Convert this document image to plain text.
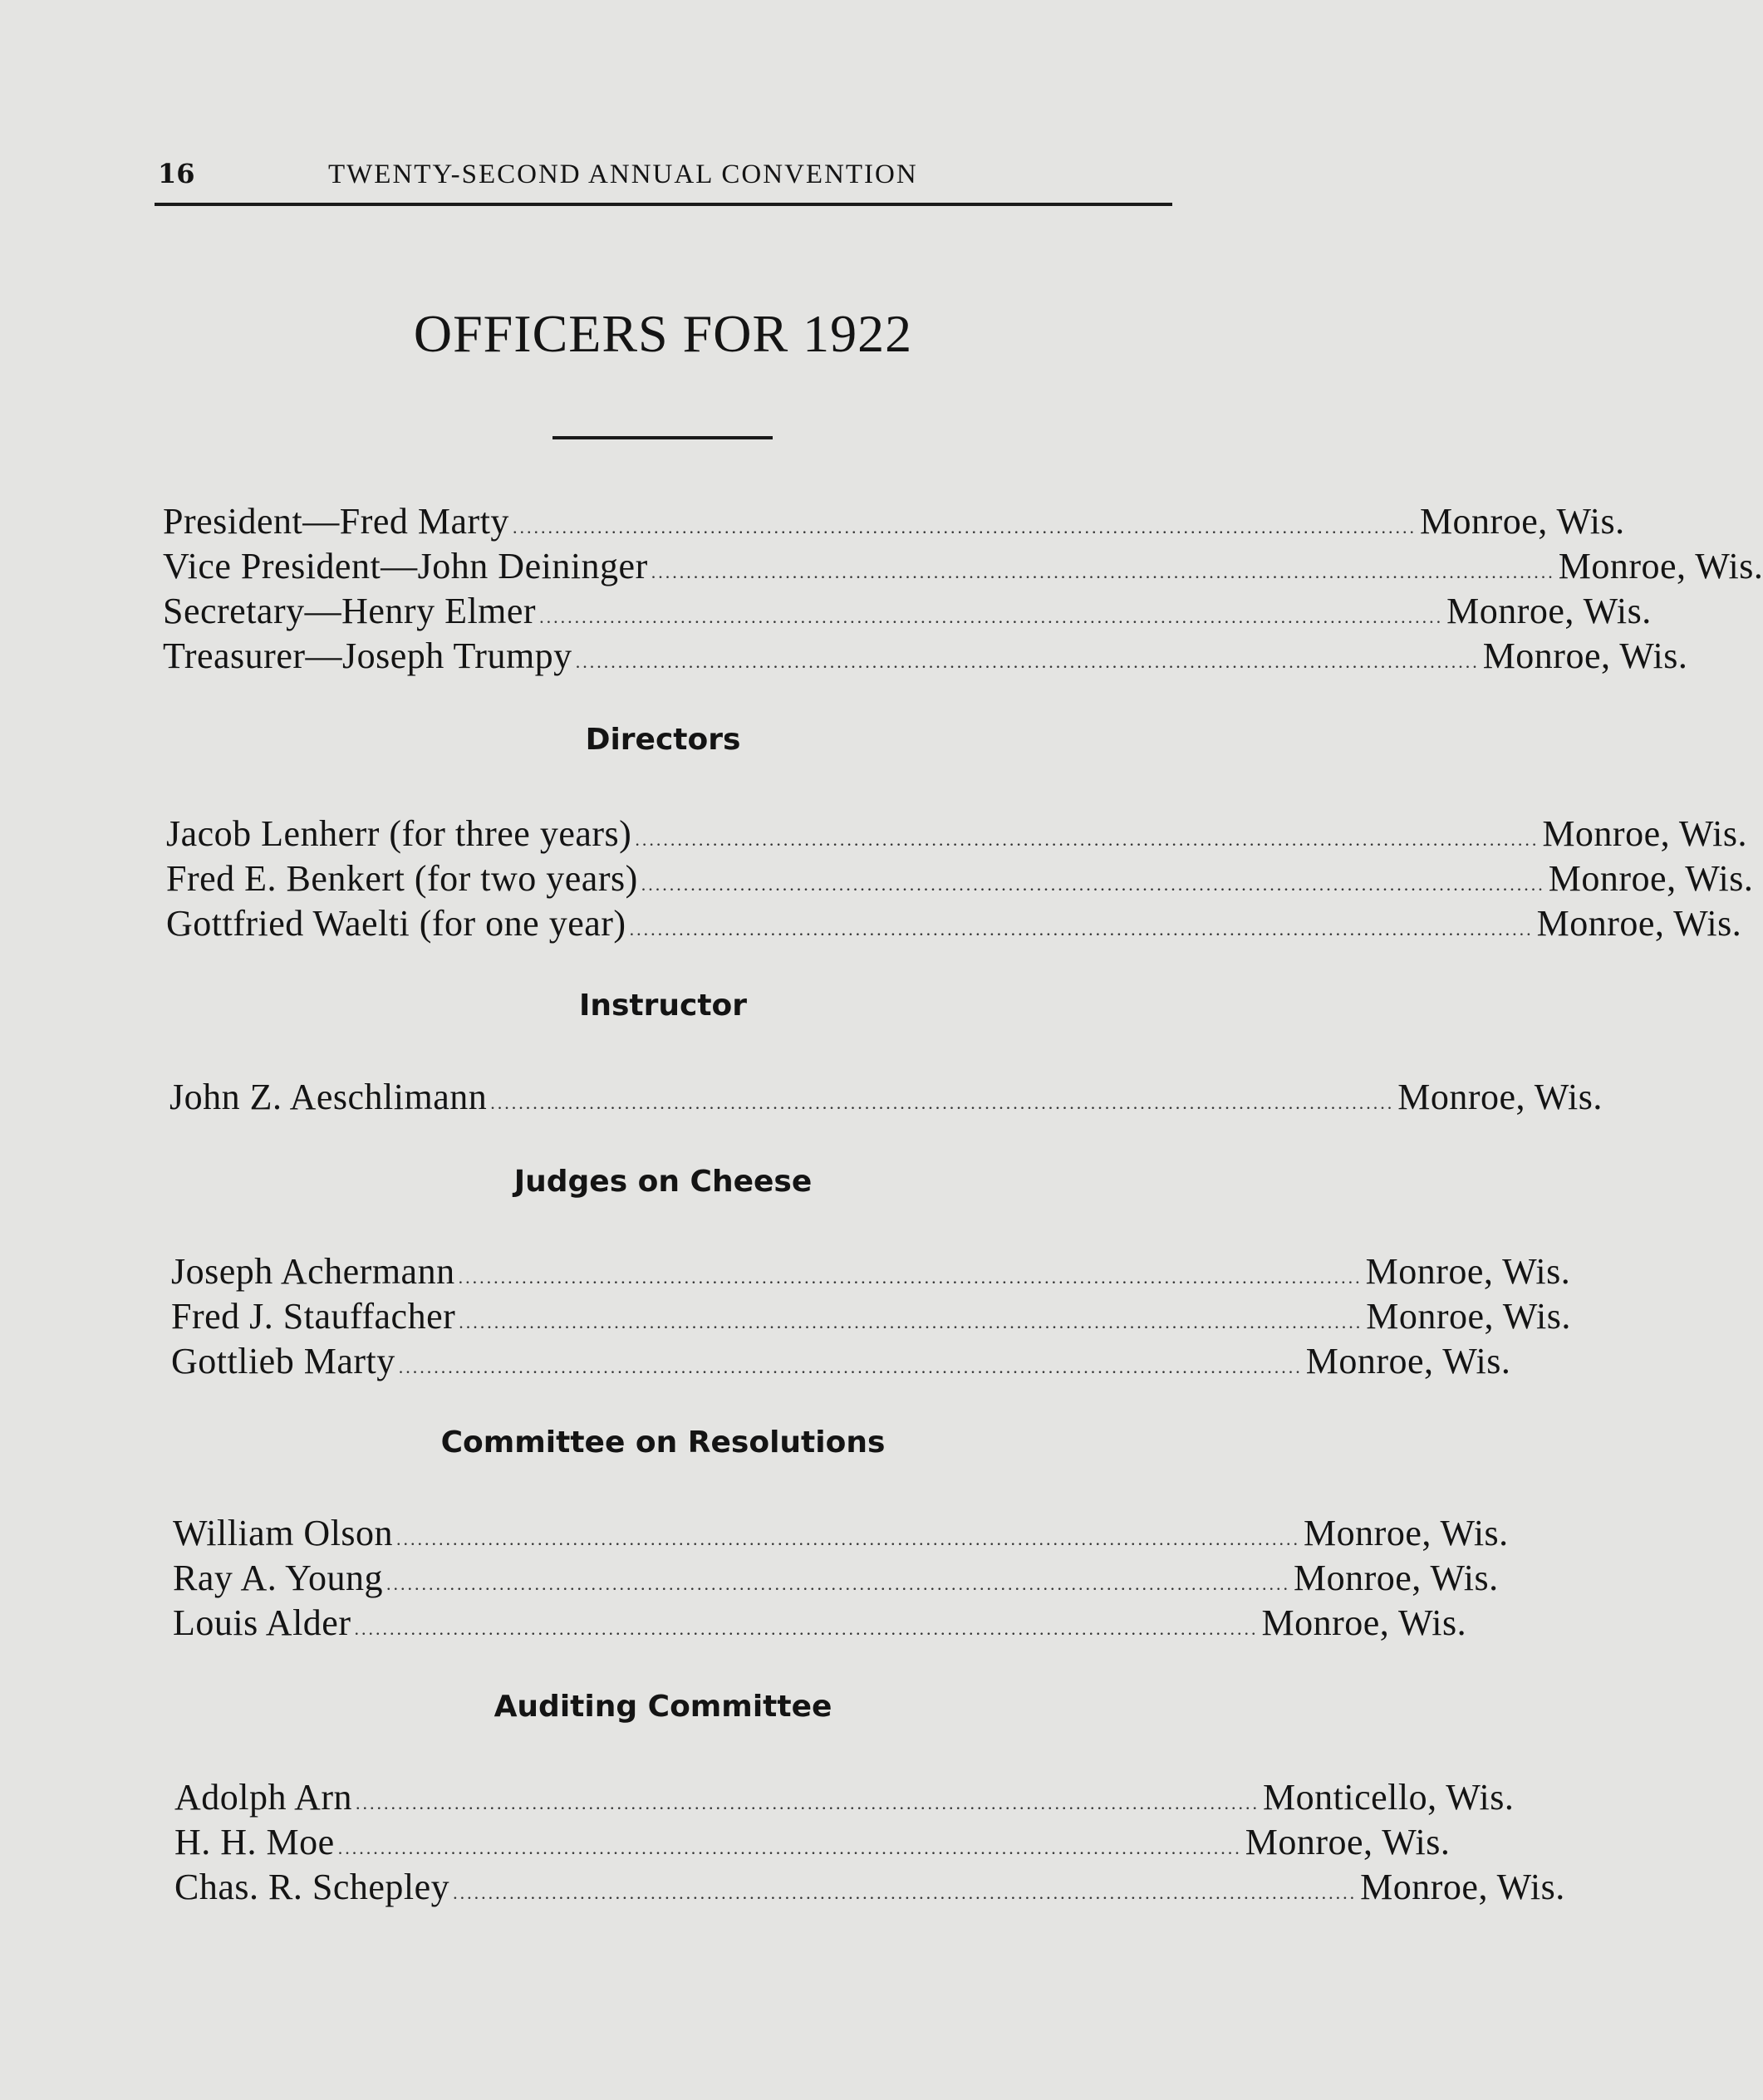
16	TWENTY-SECOND ANNUAL CONVENTION
OFFICERS FOR 1922
President—Fred Marty ................................................................................................................................ Monroe, Wis.
Vice President—John Deininger ................................................................................................................................ Monroe, Wis.
Secretary—Henry Elmer ................................................................................................................................ Monroe, Wis.
Treasurer—Joseph Trumpy ................................................................................................................................ Monroe, Wis.
Directors
Jacob Lenherr (for three years) ................................................................................................................................ Monroe, Wis.
Fred E. Benkert (for two years) ................................................................................................................................ Monroe, Wis.
Gottfried Waelti (for one year) ................................................................................................................................ Monroe, Wis.
Instructor
John Z. Aeschlimann ................................................................................................................................ Monroe, Wis.
Judges on Cheese
Joseph Achermann ................................................................................................................................ Monroe, Wis.
Fred J. Stauffacher ................................................................................................................................ Monroe, Wis.
Gottlieb Marty ................................................................................................................................ Monroe, Wis.
Committee on Resolutions
William Olson ................................................................................................................................ Monroe, Wis.
Ray A. Young ................................................................................................................................ Monroe, Wis.
Louis Alder ................................................................................................................................ Monroe, Wis.
Auditing Committee
Adolph Arn ................................................................................................................................ Monticello, Wis.
H. H. Moe ................................................................................................................................ Monroe, Wis.
Chas. R. Schepley ................................................................................................................................ Monroe, Wis.
